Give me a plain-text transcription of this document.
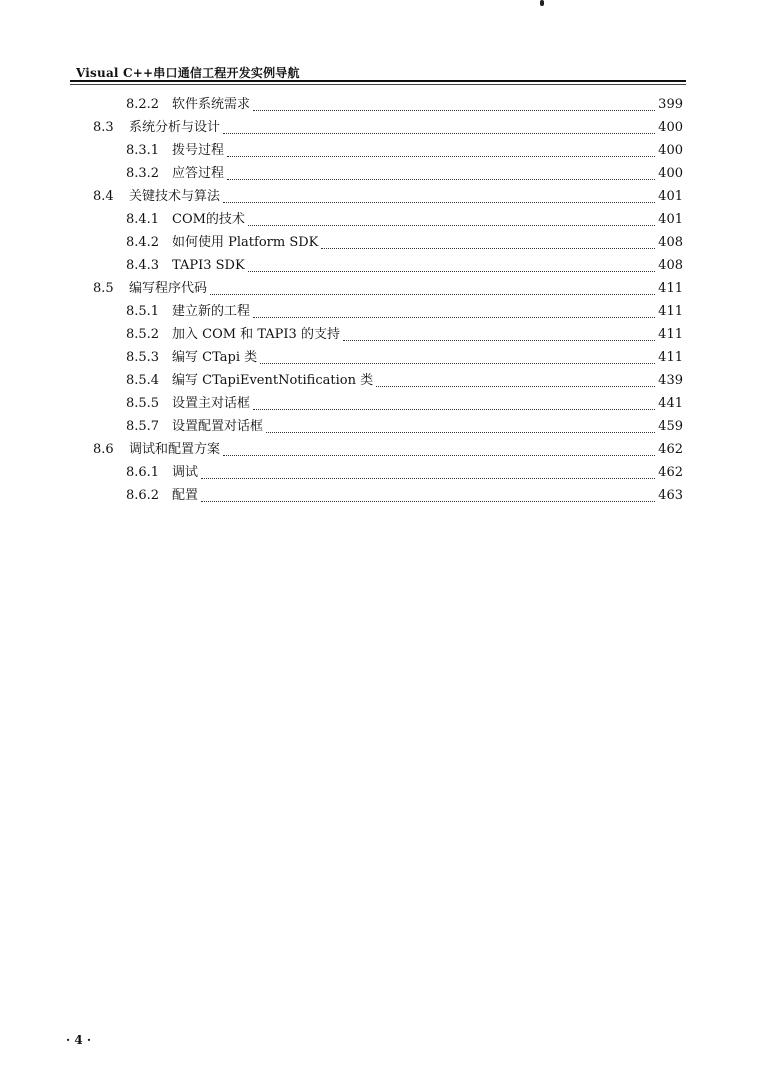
Visual C++串口通信工程开发实例导航
8.2.2 软件系统需求	399
8.3	系统分析与设计	400
8.3.1 拨号过程	400
8.3.2 应答过程	400
8.4	关键技术与算法	401
8.4.1 COM的技术	401
8.4.2 如何使用 Platform SDK	408
8.4.3 TAPI3 SDK	408
8.5	编写程序代码	411
8.5.1 建立新的工程	411
8.5.2 加入 COM 和 TAPI3 的支持	411
8.5.3 编写 CTapi 类	411
8.5.4 编写 CTapiEventNotification 类	439
8.5.5 设置主对话框	441
8.5.7 设置配置对话框	459
8.6	调试和配置方案	462
8.6.1 调试	462
8.6.2 配置	463
· 4 ·
